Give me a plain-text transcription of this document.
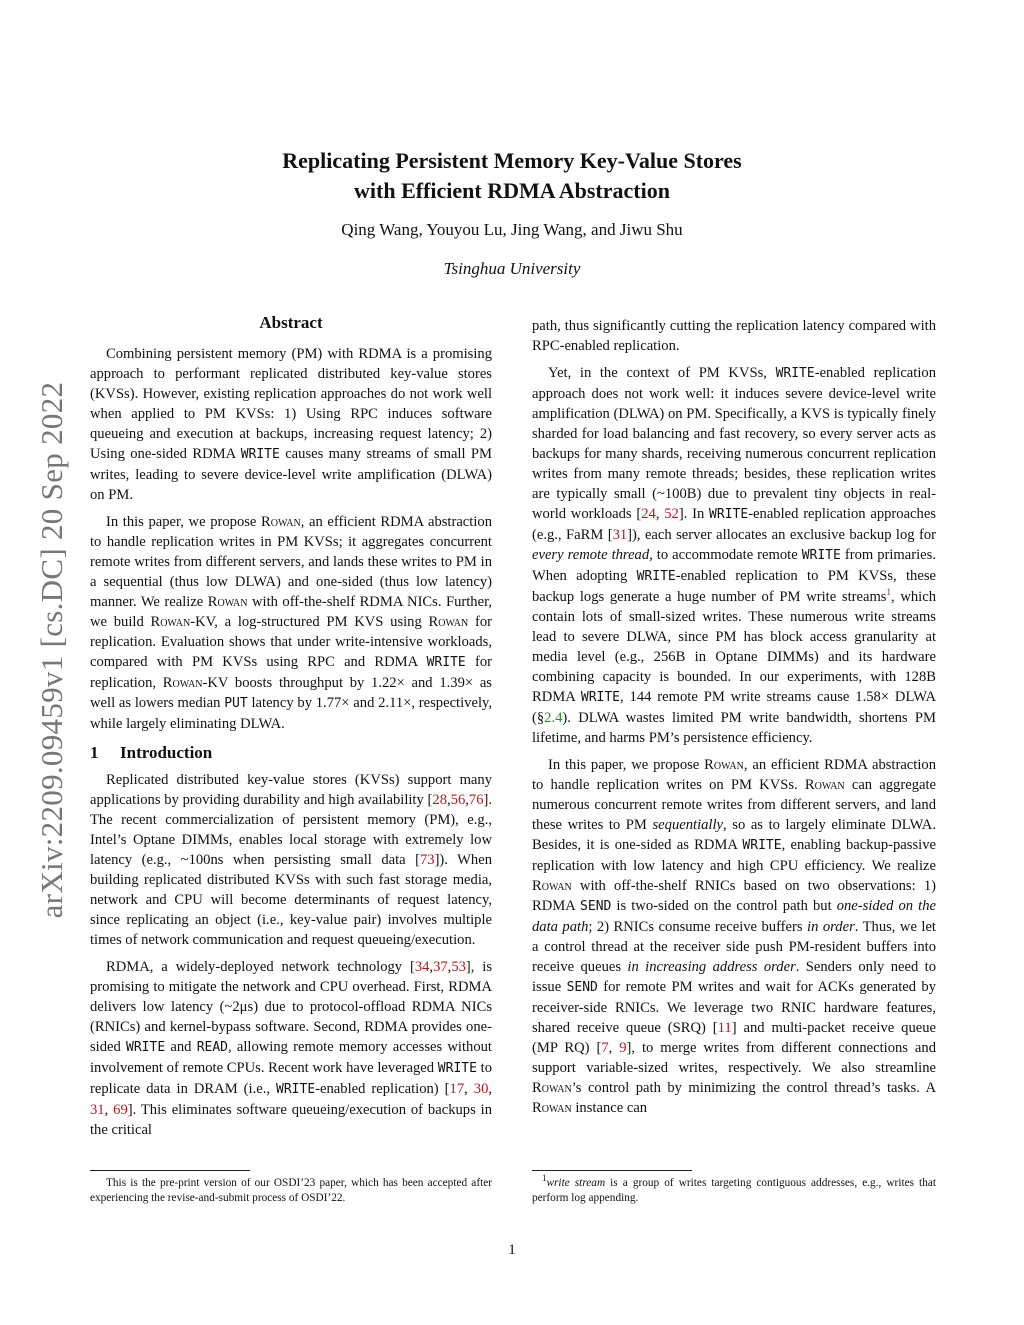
Replicating Persistent Memory Key-Value Stores
with Efficient RDMA Abstraction
Qing Wang, Youyou Lu, Jing Wang, and Jiwu Shu
Tsinghua University
arXiv:2209.09459v1 [cs.DC] 20 Sep 2022
Abstract

Combining persistent memory (PM) with RDMA is a promising approach to performant replicated distributed key-value stores (KVSs). However, existing replication approaches do not work well when applied to PM KVSs: 1) Using RPC induces software queueing and execution at backups, increasing request latency; 2) Using one-sided RDMA WRITE causes many streams of small PM writes, leading to severe device-level write amplification (DLWA) on PM.

In this paper, we propose Rowan, an efficient RDMA abstraction to handle replication writes in PM KVSs; it aggregates concurrent remote writes from different servers, and lands these writes to PM in a sequential (thus low DLWA) and one-sided (thus low latency) manner. We realize Rowan with off-the-shelf RDMA NICs. Further, we build Rowan-KV, a log-structured PM KVS using Rowan for replication. Evaluation shows that under write-intensive workloads, compared with PM KVSs using RPC and RDMA WRITE for replication, Rowan-KV boosts throughput by 1.22× and 1.39× as well as lowers median PUT latency by 1.77× and 2.11×, respectively, while largely eliminating DLWA.

1 Introduction

Replicated distributed key-value stores (KVSs) support many applications by providing durability and high availability [28,56,76]. The recent commercialization of persistent memory (PM), e.g., Intel’s Optane DIMMs, enables local storage with extremely low latency (e.g., ~100ns when persisting small data [73]). When building replicated distributed KVSs with such fast storage media, network and CPU will become determinants of request latency, since replicating an object (i.e., key-value pair) involves multiple times of network communication and request queueing/execution.

RDMA, a widely-deployed network technology [34,37,53], is promising to mitigate the network and CPU overhead. First, RDMA delivers low latency (~2μs) due to protocol-offload RDMA NICs (RNICs) and kernel-bypass software. Second, RDMA provides one-sided WRITE and READ, allowing remote memory accesses without involvement of remote CPUs. Recent work have leveraged WRITE to replicate data in DRAM (i.e., WRITE-enabled replication) [17, 30, 31, 69]. This eliminates software queueing/execution of backups in the critical

path, thus significantly cutting the replication latency compared with RPC-enabled replication.

Yet, in the context of PM KVSs, WRITE-enabled replication approach does not work well: it induces severe device-level write amplification (DLWA) on PM. Specifically, a KVS is typically finely sharded for load balancing and fast recovery, so every server acts as backups for many shards, receiving numerous concurrent replication writes from many remote threads; besides, these replication writes are typically small (~100B) due to prevalent tiny objects in real-world workloads [24, 52]. In WRITE-enabled replication approaches (e.g., FaRM [31]), each server allocates an exclusive backup log for every remote thread, to accommodate remote WRITE from primaries. When adopting WRITE-enabled replication to PM KVSs, these backup logs generate a huge number of PM write streams$^1$, which contain lots of small-sized writes. These numerous write streams lead to severe DLWA, since PM has block access granularity at media level (e.g., 256B in Optane DIMMs) and its hardware combining capacity is bounded. In our experiments, with 128B RDMA WRITE, 144 remote PM write streams cause 1.58× DLWA (§2.4). DLWA wastes limited PM write bandwidth, shortens PM lifetime, and harms PM’s persistence efficiency.

In this paper, we propose Rowan, an efficient RDMA abstraction to handle replication writes on PM KVSs. Rowan can aggregate numerous concurrent remote writes from different servers, and land these writes to PM sequentially, so as to largely eliminate DLWA. Besides, it is one-sided as RDMA WRITE, enabling backup-passive replication with low latency and high CPU efficiency. We realize Rowan with off-the-shelf RNICs based on two observations: 1) RDMA SEND is two-sided on the control path but one-sided on the data path; 2) RNICs consume receive buffers in order. Thus, we let a control thread at the receiver side push PM-resident buffers into receive queues in increasing address order. Senders only need to issue SEND for remote PM writes and wait for ACKs generated by receiver-side RNICs. We leverage two RNIC hardware features, shared receive queue (SRQ) [11] and multi-packet receive queue (MP RQ) [7, 9], to merge writes from different connections and support variable-sized writes, respectively. We also streamline Rowan’s control path by minimizing the control thread’s tasks. A Rowan instance can

This is the pre-print version of our OSDI’23 paper, which has been accepted after experiencing the revise-and-submit process of OSDI’22.
$^1$write stream is a group of writes targeting contiguous addresses, e.g., writes that perform log appending.
1
